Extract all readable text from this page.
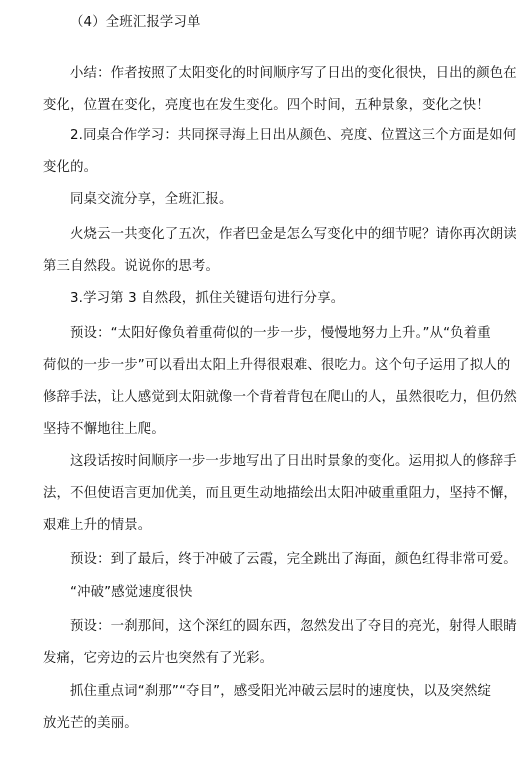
（4）全班汇报学习单
小结：作者按照了太阳变化的时间顺序写了日出的变化很快，日出的颜色在
变化，位置在变化，亮度也在发生变化。四个时间，五种景象，变化之快！
2.同桌合作学习：共同探寻海上日出从颜色、亮度、位置这三个方面是如何
变化的。
同桌交流分享，全班汇报。
火烧云一共变化了五次，作者巴金是怎么写变化中的细节呢？请你再次朗读
第三自然段。说说你的思考。
3.学习第 3 自然段，抓住关键语句进行分享。
预设：“太阳好像负着重荷似的一步一步，慢慢地努力上升。”从“负着重
荷似的一步一步”可以看出太阳上升得很艰难、很吃力。这个句子运用了拟人的
修辞手法，让人感觉到太阳就像一个背着背包在爬山的人，虽然很吃力，但仍然
坚持不懈地往上爬。
这段话按时间顺序一步一步地写出了日出时景象的变化。运用拟人的修辞手
法，不但使语言更加优美，而且更生动地描绘出太阳冲破重重阻力，坚持不懈，
艰难上升的情景。
预设：到了最后，终于冲破了云霞，完全跳出了海面，颜色红得非常可爱。
“冲破”感觉速度很快
预设：一刹那间，这个深红的圆东西，忽然发出了夺目的亮光，射得人眼睛
发痛，它旁边的云片也突然有了光彩。
抓住重点词“刹那”“夺目”，感受阳光冲破云层时的速度快，以及突然绽
放光芒的美丽。
